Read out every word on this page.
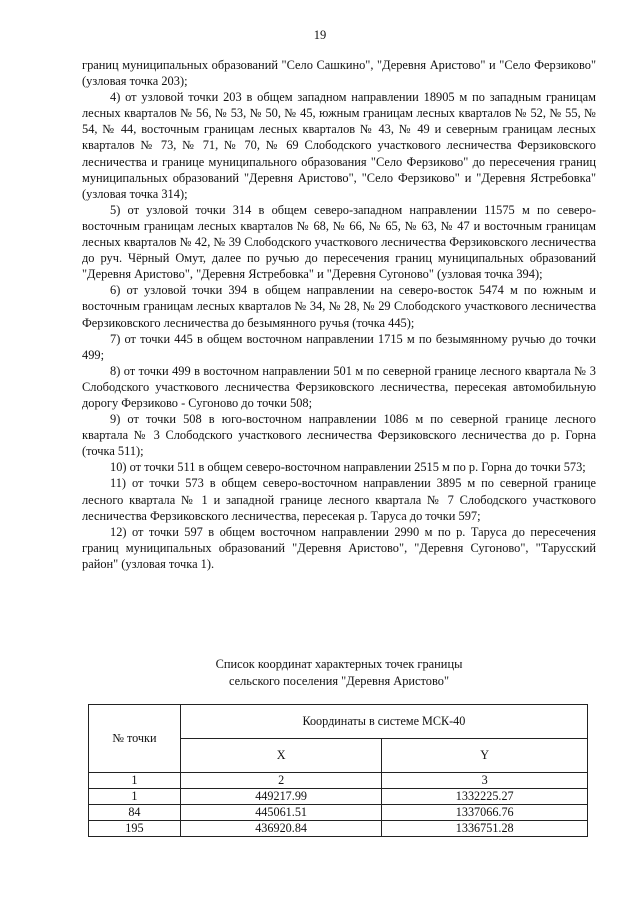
19

границ муниципальных образований "Село Сашкино", "Деревня Аристово" и "Село Ферзиково" (узловая точка 203);

4) от узловой точки 203 в общем западном направлении 18905 м по западным границам лесных кварталов № 56, № 53, № 50, № 45, южным границам лесных кварталов № 52, № 55, № 54, № 44, восточным границам лесных кварталов № 43, № 49 и северным границам лесных кварталов № 73, № 71, № 70, № 69 Слободского участкового лесничества Ферзиковского лесничества и границе муниципального образования "Село Ферзиково" до пересечения границ муниципальных образований "Деревня Аристово", "Село Ферзиково" и "Деревня Ястребовка" (узловая точка 314);

5) от узловой точки 314 в общем северо-западном направлении 11575 м по северо-восточным границам лесных кварталов № 68, № 66, № 65, № 63, № 47 и восточным границам лесных кварталов № 42, № 39 Слободского участкового лесничества Ферзиковского лесничества до руч. Чёрный Омут, далее по ручью до пересечения границ муниципальных образований "Деревня Аристово", "Деревня Ястребовка" и "Деревня Сугоново" (узловая точка 394);

6) от узловой точки 394 в общем направлении на северо-восток 5474 м по южным и восточным границам лесных кварталов № 34, № 28, № 29 Слободского участкового лесничества Ферзиковского лесничества до безымянного ручья (точка 445);

7) от точки 445 в общем восточном направлении 1715 м по безымянному ручью до точки 499;

8) от точки 499 в восточном направлении 501 м по северной границе лесного квартала № 3 Слободского участкового лесничества Ферзиковского лесничества, пересекая автомобильную дорогу Ферзиково - Сугоново до точки 508;

9) от точки 508 в юго-восточном направлении 1086 м по северной границе лесного квартала № 3 Слободского участкового лесничества Ферзиковского лесничества до р. Горна (точка 511);

10) от точки 511 в общем северо-восточном направлении 2515 м по р. Горна до точки 573;

11) от точки 573 в общем северо-восточном направлении 3895 м по северной границе лесного квартала № 1 и западной границе лесного квартала № 7 Слободского участкового лесничества Ферзиковского лесничества, пересекая р. Таруса до точки 597;

12) от точки 597 в общем восточном направлении 2990 м по р. Таруса до пересечения границ муниципальных образований "Деревня Аристово", "Деревня Сугоново", "Тарусский район" (узловая точка 1).

Список координат характерных точек границы
сельского поселения "Деревня Аристово"
№ точки	Координаты в системе МСК-40	
	X	Y
1	2	3
1	449217.99	1332225.27
84	445061.51	1337066.76
195	436920.84	1336751.28
